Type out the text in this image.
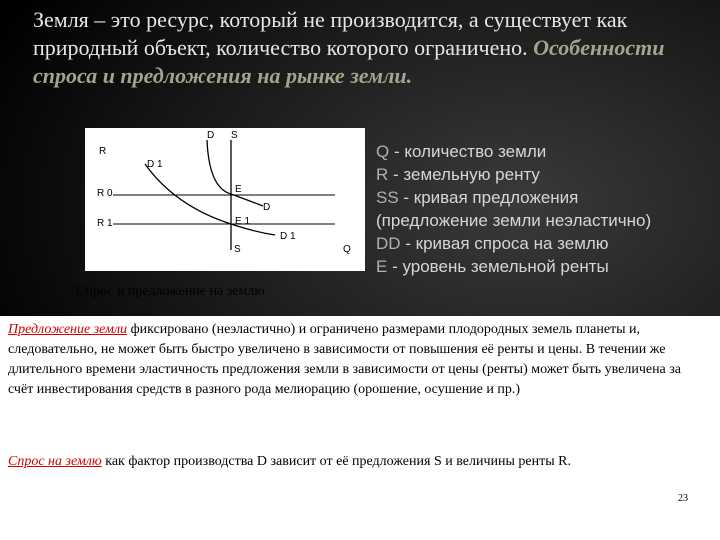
Земля – это ресурс, который не производится, а существует как природный объект, количество которого ограничено. Особенности спроса и предложения на рынке земли.
D S
R
D 1
R 0	E
D
R 1	E 1
D 1
S	Q
Спрос и предложение на землю
Q - количество земли
R - земельную ренту
SS - кривая предложения
(предложение земли неэластично)
DD - кривая спроса на землю
E - уровень земельной ренты
Предложение земли фиксировано (неэластично) и ограничено размерами плодородных земель планеты и, следовательно, не может быть быстро увеличено в зависимости от повышения её ренты и цены. В течении же длительного времени эластичность предложения земли в зависимости от цены (ренты) может быть увеличена за счёт инвестирования средств в разного рода мелиорацию (орошение, осушение и пр.)
Спрос на землю как фактор производства D зависит от её предложения S и величины ренты R.
23
